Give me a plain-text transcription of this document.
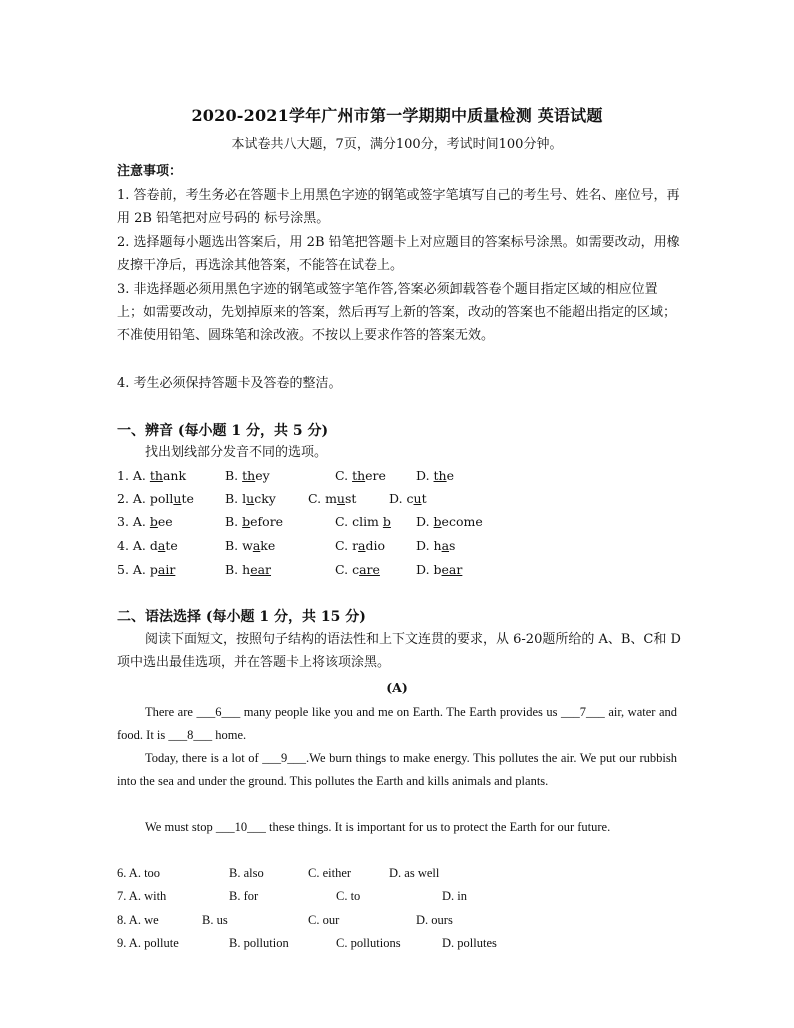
2020-2021学年广州市第一学期期中质量检测 英语试题
本试卷共八大题，7页，满分100分，考试时间100分钟。
注意事项：
1. 答卷前，考生务必在答题卡上用黑色字迹的钢笔或签字笔填写自己的考生号、姓名、座位号，再用 2B 铅笔把对应号码的 标号涂黑。
2. 选择题每小题选出答案后，用 2B 铅笔把答题卡上对应题目的答案标号涂黑。如需要改动，用橡皮擦干净后，再选涂其他答案，不能答在试卷上。
3. 非选择题必须用黑色字迹的钢笔或签字笔作答,答案必须卸载答卷个题目指定区域的相应位置上；如需要改动，先划掉原来的答案，然后再写上新的答案，改动的答案也不能超出指定的区域；不准使用铅笔、圆珠笔和涂改液。不按以上要求作答的答案无效。
4. 考生必须保持答题卡及答卷的整洁。
一、辨音 (每小题 1 分，共 5 分)
找出划线部分发音不同的选项。
1. A. thank	B. they	C. there D. the
2. A. pollute B. lucky	C. must	D. cut
3. A. bee	B. before	C. clim b D. become
4. A. date	B. wake	C. radio D. has
5. A. pair	B. hear	C. care	D. bear
二、语法选择 (每小题 1 分，共 15 分)
阅读下面短文，按照句子结构的语法性和上下文连贯的要求，从 6-20题所给的 A、B、C和 D项中选出最佳选项，并在答题卡上将该项涂黑。
(A)
There are ___6___ many people like you and me on Earth. The Earth provides us ___7___ air, water and food. It is ___8___ home.
Today, there is a lot of ___9___.We burn things to make energy. This pollutes the air. We put our rubbish into the sea and under the ground. This pollutes the Earth and kills animals and plants.
We must stop ___10___ these things. It is important for us to protect the Earth for our future.
6. A. too	B. also	C. either	D. as well
7. A. with	B. for	C. to	D. in
8. A. we	B. us	C. our	D. ours
9. A. pollute	B. pollution	C. pollutions	D. pollutes
